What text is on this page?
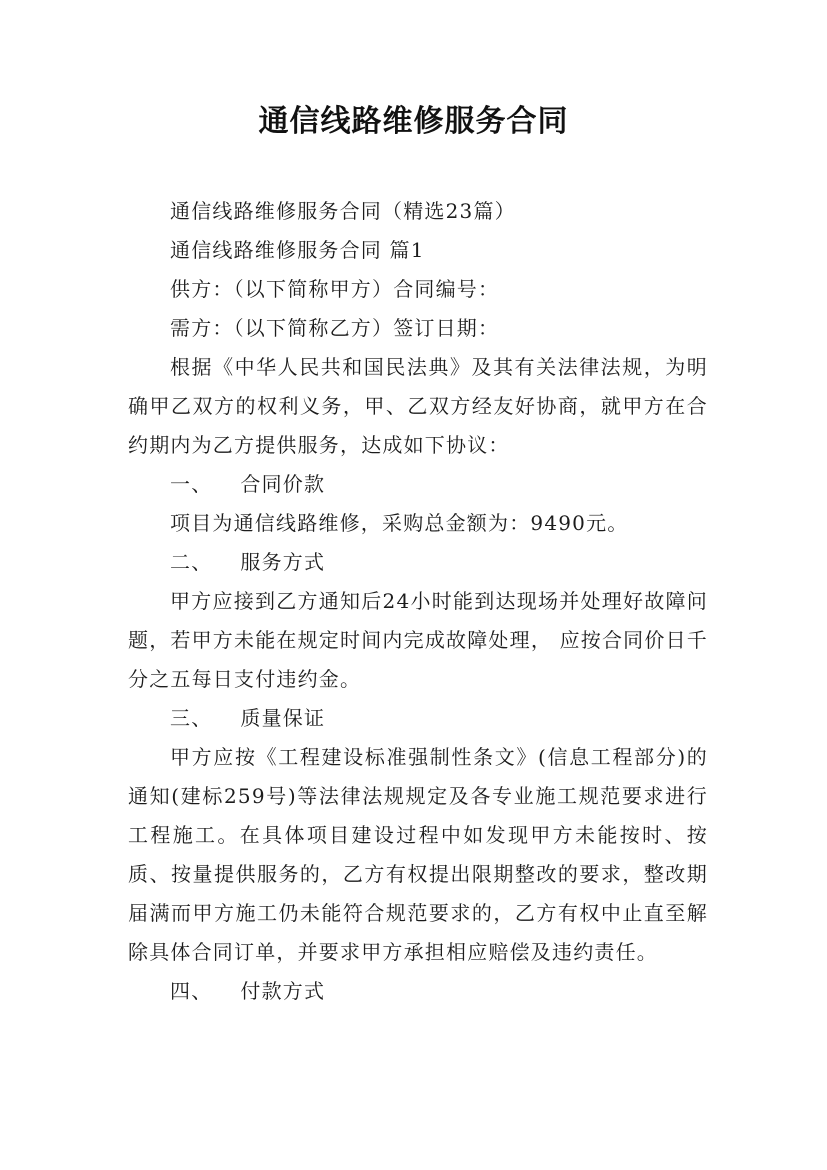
通信线路维修服务合同

通信线路维修服务合同（精选23篇）

通信线路维修服务合同 篇1

供方：（以下简称甲方）合同编号：

需方：（以下简称乙方）签订日期：

根据《中华人民共和国民法典》及其有关法律法规，为明确甲乙双方的权利义务，甲、乙双方经友好协商，就甲方在合约期内为乙方提供服务，达成如下协议：

一、 合同价款

项目为通信线路维修，采购总金额为：9490元。

二、 服务方式

甲方应接到乙方通知后24小时能到达现场并处理好故障问题，若甲方未能在规定时间内完成故障处理， 应按合同价日千分之五每日支付违约金。

三、 质量保证

甲方应按《工程建设标准强制性条文》(信息工程部分)的通知(建标259号)等法律法规规定及各专业施工规范要求进行工程施工。在具体项目建设过程中如发现甲方未能按时、按质、按量提供服务的，乙方有权提出限期整改的要求，整改期届满而甲方施工仍未能符合规范要求的，乙方有权中止直至解除具体合同订单，并要求甲方承担相应赔偿及违约责任。

四、 付款方式
